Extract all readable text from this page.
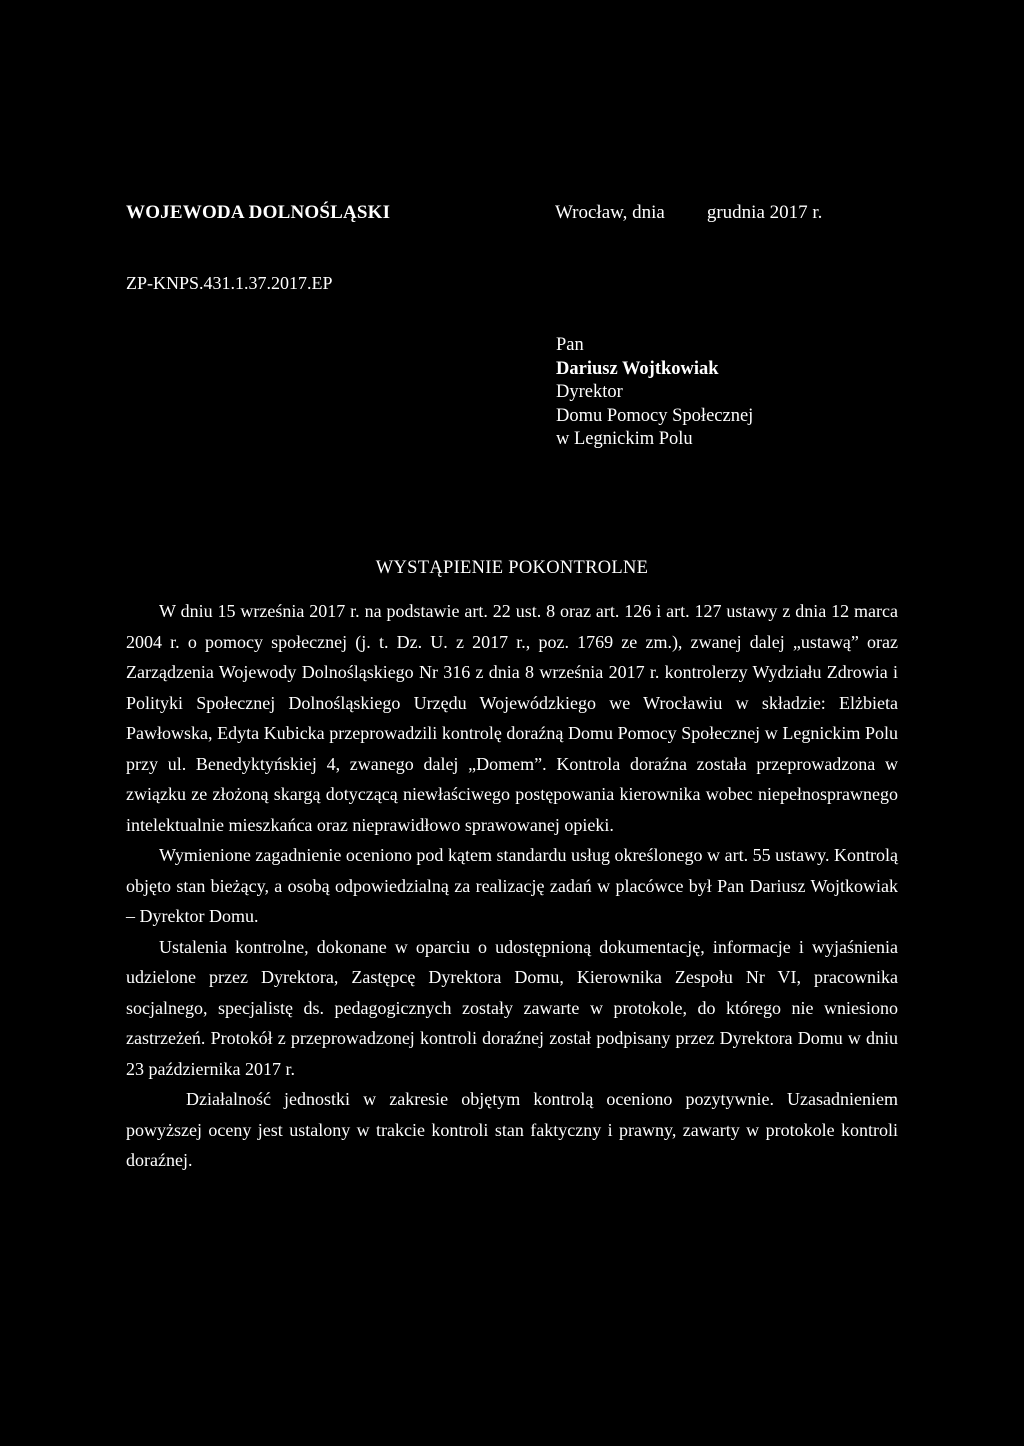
WOJEWODA DOLNOŚLĄSKI	Wrocław, dnia grudnia 2017 r.
ZP-KNPS.431.1.37.2017.EP
Pan
Dariusz Wojtkowiak
Dyrektor
Domu Pomocy Społecznej
w Legnickim Polu
WYSTĄPIENIE POKONTROLNE

W dniu 15 września 2017 r. na podstawie art. 22 ust. 8 oraz art. 126 i art. 127 ustawy z dnia 12 marca 2004 r. o pomocy społecznej (j. t. Dz. U. z 2017 r., poz. 1769 ze zm.), zwanej dalej „ustawą” oraz Zarządzenia Wojewody Dolnośląskiego Nr 316 z dnia 8 września 2017 r. kontrolerzy Wydziału Zdrowia i Polityki Społecznej Dolnośląskiego Urzędu Wojewódzkiego we Wrocławiu w składzie: Elżbieta Pawłowska, Edyta Kubicka przeprowadzili kontrolę doraźną Domu Pomocy Społecznej w Legnickim Polu przy ul. Benedyktyńskiej 4, zwanego dalej „Domem”. Kontrola doraźna została przeprowadzona w związku ze złożoną skargą dotyczącą niewłaściwego postępowania kierownika wobec niepełnosprawnego intelektualnie mieszkańca oraz nieprawidłowo sprawowanej opieki.

Wymienione zagadnienie oceniono pod kątem standardu usług określonego w art. 55 ustawy. Kontrolą objęto stan bieżący, a osobą odpowiedzialną za realizację zadań w placówce był Pan Dariusz Wojtkowiak – Dyrektor Domu.

Ustalenia kontrolne, dokonane w oparciu o udostępnioną dokumentację, informacje i wyjaśnienia udzielone przez Dyrektora, Zastępcę Dyrektora Domu, Kierownika Zespołu Nr VI, pracownika socjalnego, specjalistę ds. pedagogicznych zostały zawarte w protokole, do którego nie wniesiono zastrzeżeń. Protokół z przeprowadzonej kontroli doraźnej został podpisany przez Dyrektora Domu w dniu 23 października 2017 r.

Działalność jednostki w zakresie objętym kontrolą oceniono pozytywnie. Uzasadnieniem powyższej oceny jest ustalony w trakcie kontroli stan faktyczny i prawny, zawarty w protokole kontroli doraźnej.
